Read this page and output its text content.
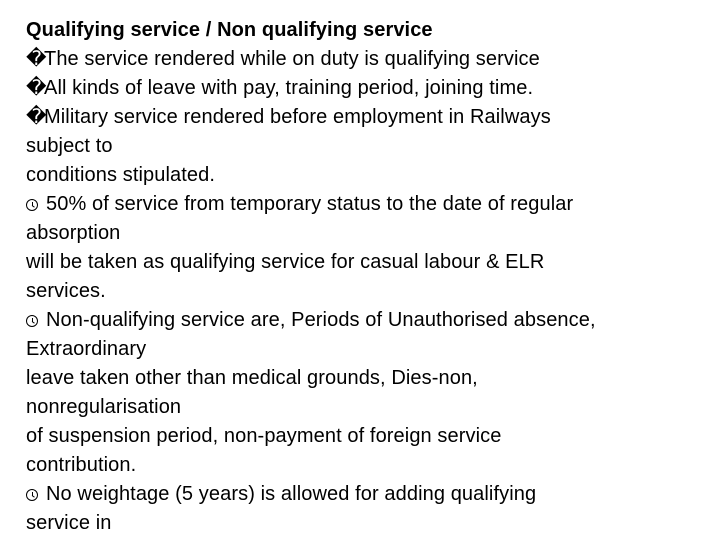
Qualifying service / Non qualifying service
�The service rendered while on duty is qualifying service
�All kinds of leave with pay, training period, joining time.
�Military service rendered before employment in Railways
subject to
conditions stipulated.
50% of service from temporary status to the date of regular
absorption
will be taken as qualifying service for casual labour & ELR
services.
Non-qualifying service are, Periods of Unauthorised absence,
Extraordinary
leave taken other than medical grounds, Dies-non,
nonregularisation
of suspension period, non-payment of foreign service
contribution.
No weightage (5 years) is allowed for adding qualifying
service in
